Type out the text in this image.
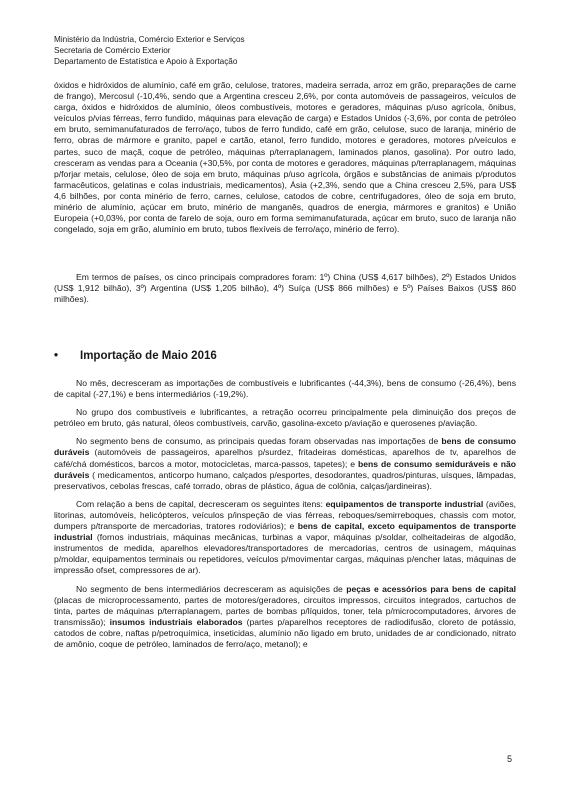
Ministério da Indústria, Comércio Exterior e Serviços
Secretaria de Comércio Exterior
Departamento de Estatística e Apoio à Exportação

óxidos e hidróxidos de alumínio, café em grão, celulose, tratores, madeira serrada, arroz em grão, preparações de carne de frango), Mercosul (-10,4%, sendo que a Argentina cresceu 2,6%, por conta automóveis de passageiros, veículos de carga, óxidos e hidróxidos de alumínio, óleos combustíveis, motores e geradores, máquinas p/uso agrícola, ônibus, veículos p/vias férreas, ferro fundido, máquinas para elevação de carga) e Estados Unidos (-3,6%, por conta de petróleo em bruto, semimanufaturados de ferro/aço, tubos de ferro fundido, café em grão, celulose, suco de laranja, minério de ferro, obras de mármore e granito, papel e cartão, etanol, ferro fundido, motores e geradores, motores p/veículos e partes, suco de maçã, coque de petróleo, máquinas p/terraplanagem, laminados planos, gasolina). Por outro lado, cresceram as vendas para a Oceania (+30,5%, por conta de motores e geradores, máquinas p/terraplanagem, máquinas p/forjar metais, celulose, óleo de soja em bruto, máquinas p/uso agrícola, órgãos e substâncias de animais p/produtos farmacêuticos, gelatinas e colas industriais, medicamentos), Ásia (+2,3%, sendo que a China cresceu 2,5%, para US$ 4,6 bilhões, por conta minério de ferro, carnes, celulose, catodos de cobre, centrifugadores, óleo de soja em bruto, minério de alumínio, açúcar em bruto, minério de manganês, quadros de energia, mármores e granitos) e União Europeia (+0,03%, por conta de farelo de soja, ouro em forma semimanufaturada, açúcar em bruto, suco de laranja não congelado, soja em grão, alumínio em bruto, tubos flexíveis de ferro/aço, minério de ferro).

Em termos de países, os cinco principais compradores foram: 1º) China (US$ 4,617 bilhões), 2º) Estados Unidos (US$ 1,912 bilhão), 3º) Argentina (US$ 1,205 bilhão), 4º) Suíça (US$ 866 milhões) e 5º) Países Baixos (US$ 860 milhões).

• Importação de Maio 2016

No mês, decresceram as importações de combustíveis e lubrificantes (-44,3%), bens de consumo (-26,4%), bens de capital (-27,1%) e bens intermediários (-19,2%).

No grupo dos combustíveis e lubrificantes, a retração ocorreu principalmente pela diminuição dos preços de petróleo em bruto, gás natural, óleos combustíveis, carvão, gasolina-exceto p/aviação e querosenes p/aviação.

No segmento bens de consumo, as principais quedas foram observadas nas importações de bens de consumo duráveis (automóveis de passageiros, aparelhos p/surdez, fritadeiras domésticas, aparelhos de tv, aparelhos de café/chá domésticos, barcos a motor, motocicletas, marca-passos, tapetes); e bens de consumo semiduráveis e não duráveis ( medicamentos, anticorpo humano, calçados p/esportes, desodorantes, quadros/pinturas, uísques, lâmpadas, preservativos, cebolas frescas, café torrado, obras de plástico, água de colônia, calças/jardineiras).

Com relação a bens de capital, decresceram os seguintes itens: equipamentos de transporte industrial (aviões, litorinas, automóveis, helicópteros, veículos p/inspeção de vias férreas, reboques/semirreboques, chassis com motor, dumpers p/transporte de mercadorias, tratores rodoviários); e bens de capital, exceto equipamentos de transporte industrial (fornos industriais, máquinas mecânicas, turbinas a vapor, máquinas p/soldar, colheitadeiras de algodão, instrumentos de medida, aparelhos elevadores/transportadores de mercadorias, centros de usinagem, máquinas p/moldar, equipamentos terminais ou repetidores, veículos p/movimentar cargas, máquinas p/encher latas, máquinas de impressão ofset, compressores de ar).

No segmento de bens intermediários decresceram as aquisições de peças e acessórios para bens de capital (placas de microprocessamento, partes de motores/geradores, circuitos impressos, circuitos integrados, cartuchos de tinta, partes de máquinas p/terraplanagem, partes de bombas p/líquidos, toner, tela p/microcomputadores, árvores de transmissão); insumos industriais elaborados (partes p/aparelhos receptores de radiodifusão, cloreto de potássio, catodos de cobre, naftas p/petroquímica, inseticidas, alumínio não ligado em bruto, unidades de ar condicionado, nitrato de amônio, coque de petróleo, laminados de ferro/aço, metanol); e

5
